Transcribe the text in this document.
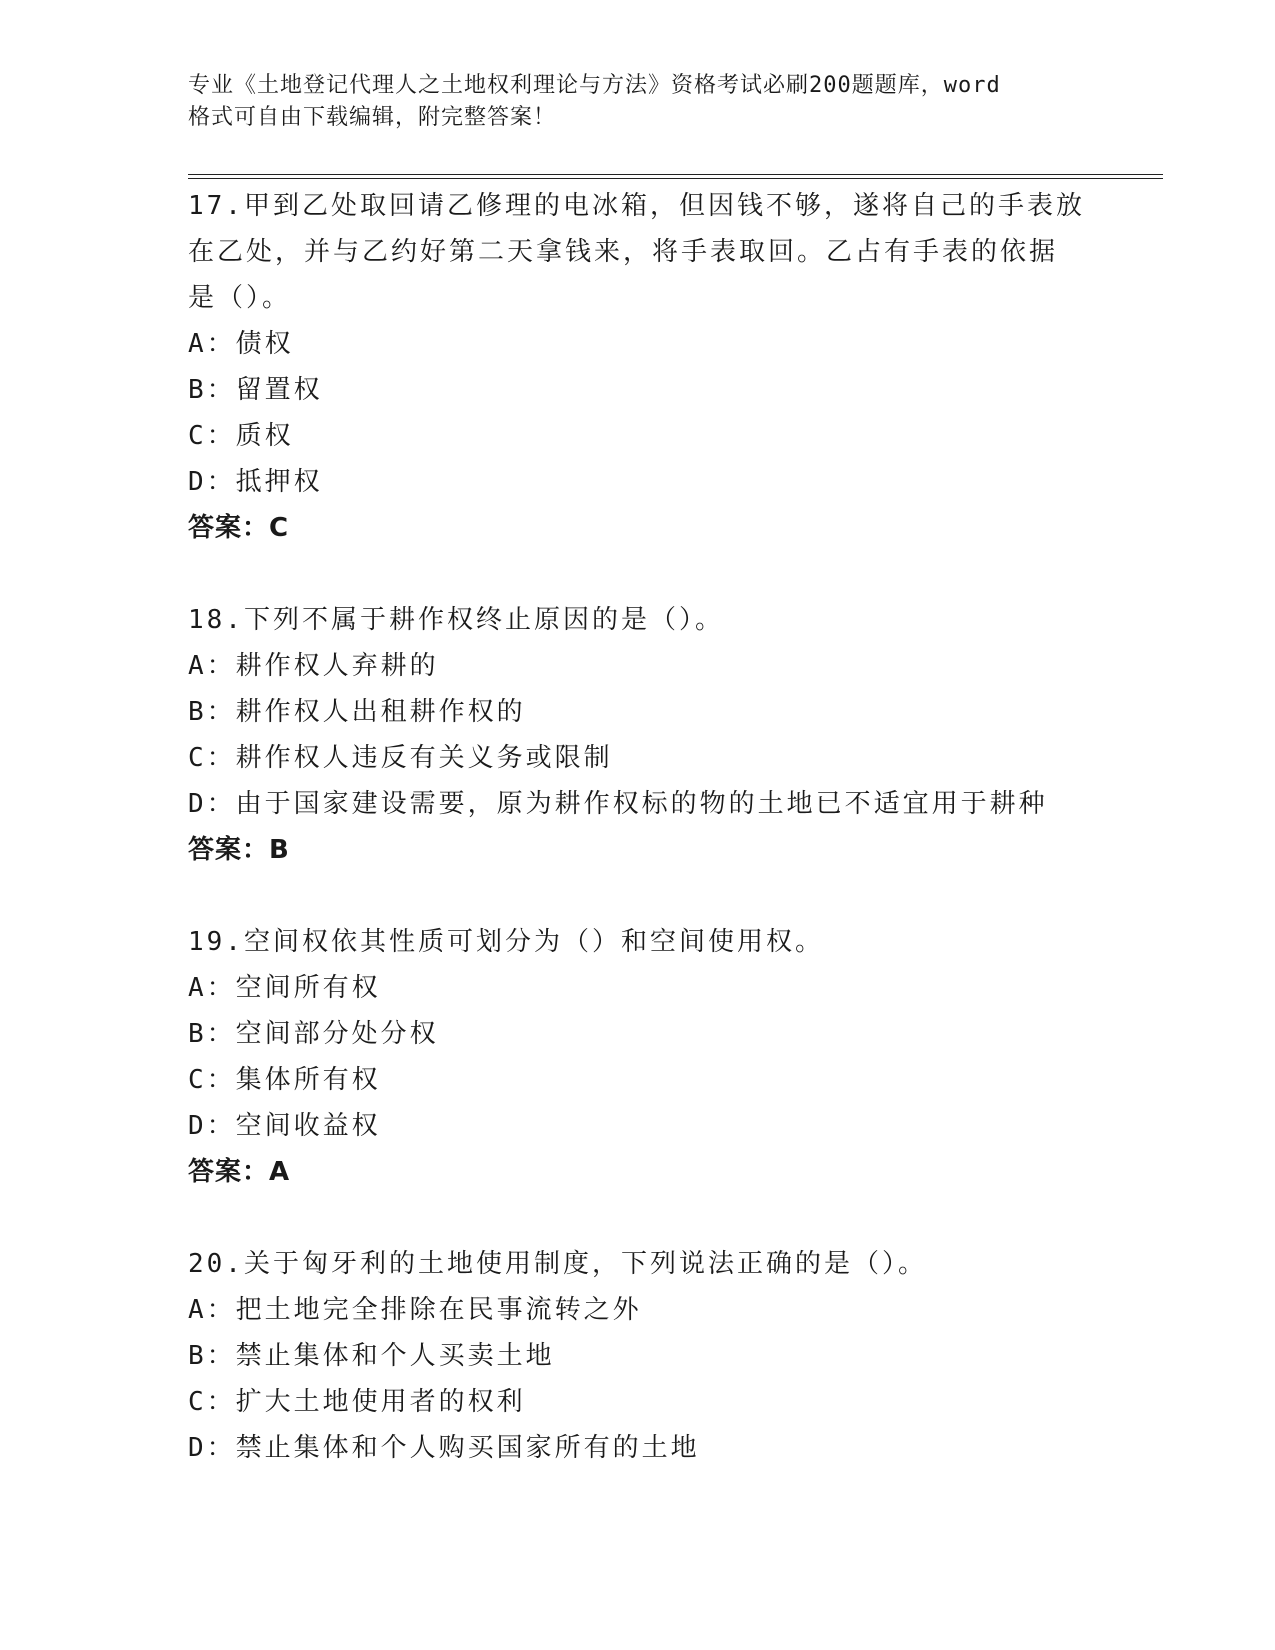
专业《土地登记代理人之土地权利理论与方法》资格考试必刷200题题库，word
格式可自由下载编辑，附完整答案！
17.甲到乙处取回请乙修理的电冰箱，但因钱不够，遂将自己的手表放
在乙处，并与乙约好第二天拿钱来，将手表取回。乙占有手表的依据
是（）。
A：债权
B：留置权
C：质权
D：抵押权
答案：C
18.下列不属于耕作权终止原因的是（）。
A：耕作权人弃耕的
B：耕作权人出租耕作权的
C：耕作权人违反有关义务或限制
D：由于国家建设需要，原为耕作权标的物的土地已不适宜用于耕种
答案：B
19.空间权依其性质可划分为（）和空间使用权。
A：空间所有权
B：空间部分处分权
C：集体所有权
D：空间收益权
答案：A
20.关于匈牙利的土地使用制度，下列说法正确的是（）。
A：把土地完全排除在民事流转之外
B：禁止集体和个人买卖土地
C：扩大土地使用者的权利
D：禁止集体和个人购买国家所有的土地
